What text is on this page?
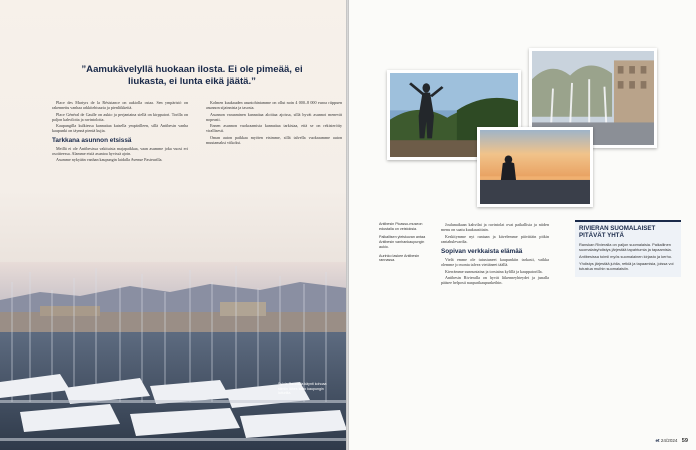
”Aamukävelyllä huokaan ilosta. Ei ole pimeää, ei liukasta, ei lunta eikä jäätä.”

Place des Martyrs de la Résistance on aukiolla ostaa. Sen ympäristö on rakennettu vanhaa arkkitehtuuria ja pienliikkeitä.

Place Général de Gaulle on aukio ja perjantaina siellä on kirpputori. Torilla on paljon kahviloita ja ravintoloita.

Kaupungilla kulkiessa kannattaa katsella ympärilleen, sillä Antibesin vanha kaupunki on täynnä pieniä kujia.

Tarkkana asunnon etsissä

Meillä ei ole Antibesissa vakituista majapaikkaa, vaan asumme joka vuosi eri osoitteessa. Alamme etsiä asuntoa hyvissä ajoin.

Asumme nykyään vanhan kaupungin laidalla Avenue Pasteurilla.

Kolmen kuukauden asuntohintamme on ollut noin 4 000–8 000 euroa riippuen asunnon sijainnista ja tasosta.

Asunnon varaaminen kannattaa aloittaa ajoissa, sillä hyvät asunnot menevät nopeasti.

Ennen asunnon vuokraamista kannattaa tarkistaa, että se on rekisteröity virallisesti.

Oman auton paikkaa myöten etsimme, sillä talvella vuokraamme auton muutamaksi viikoksi.

Sylvia Ravelalla käynti kohoaa silmiin lähes koko kaupungin laiturilta.

Antibesin Picasso-museon edustalla on veistoksia.

Palkallisen yleiskuvan antaa Antibesin vanhankaupungin aukio.

Aurinko laskee Antibesin rannassa.

Joulunaikaan kahvilat ja ravintolat ovat paikallisia ja niiden menu on saatu kuukausittain.

Keskitymme nyt rantaan ja kävelemme päivittäin pitkin rantabulevardia.

Sopivan verkkaista elämää

Vielä emme ole tutustuneet kaupunkiin tarkasti, vaikka olemme jo monta talvea viettäneet täällä.

Kierrämme sunnuntaina ja torstaina kylillä ja kauppatorilla.

Antibesin Rivieralla on hyvät liikenneyhteydet ja junalla pääsee helposti naapurikaupunkeihin.

RIVIERAN SUOMALAISET PITÄVÄT YHTÄ

Ranskan Rivieralla on paljon suomalaisia. Paikallinen suomalaisyhdistys järjestää tapahtumia ja tapaamisia.

Antibesissa toimii myös suomalainen kirjasto ja kerho.

Yhdistys järjestää juhlia, retkiä ja tapaamisia, joissa voi tutustua muihin suomalaisiin.

et 24/2024 59
